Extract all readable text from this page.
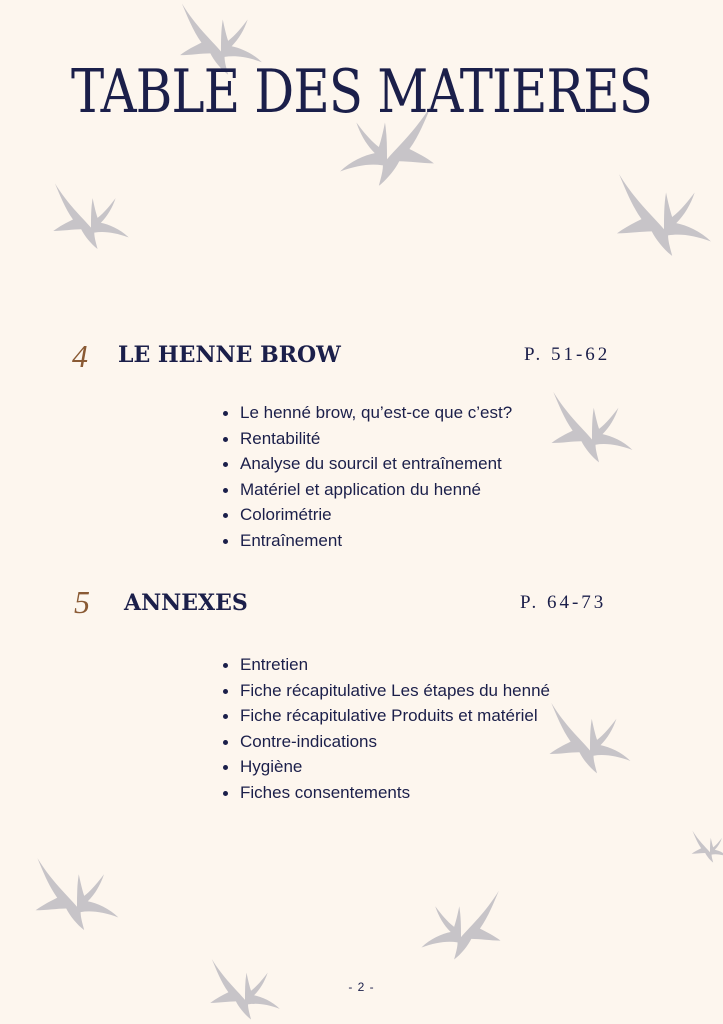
TABLE DES MATIERES
4 LE HENNE BROW	P. 51-62
Le henné brow, qu’est-ce que c’est?
Rentabilité
Analyse du sourcil et entraînement
Matériel et application du henné
Colorimétrie
Entraînement
5 ANNEXES	P. 64-73
Entretien
Fiche récapitulative Les étapes du henné
Fiche récapitulative Produits et matériel
Contre-indications
Hygiène
Fiches consentements
- 2 -
